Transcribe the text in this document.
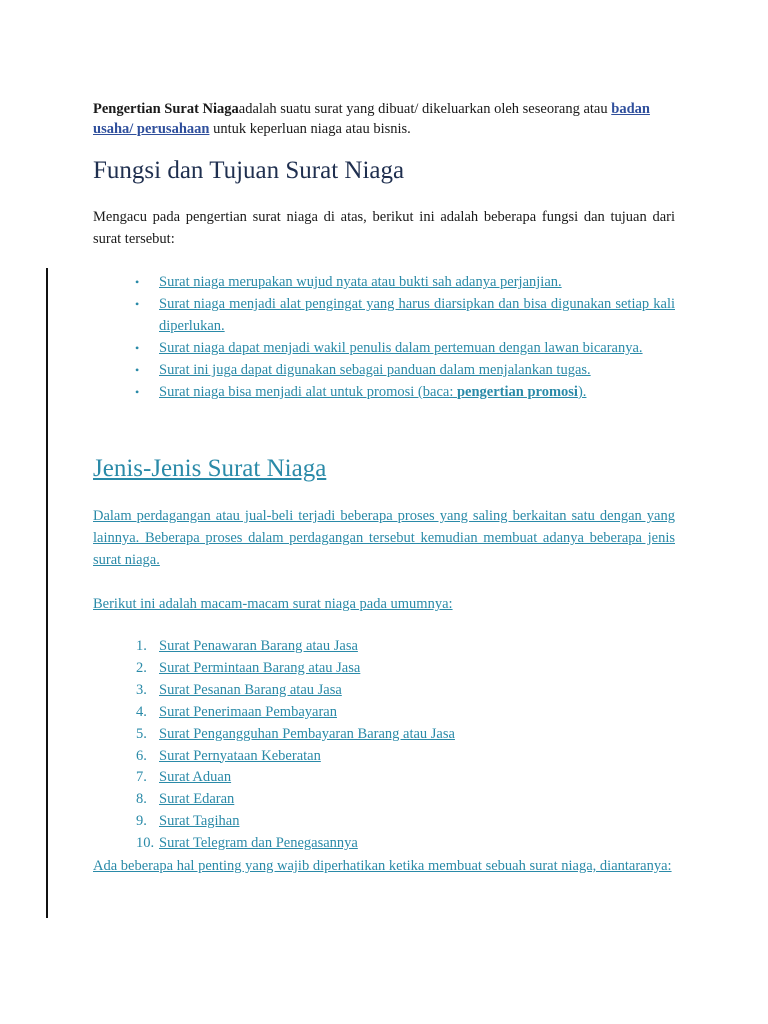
Pengertian Surat Niagaadalah suatu surat yang dibuat/ dikeluarkan oleh seseorang atau badan usaha/ perusahaan untuk keperluan niaga atau bisnis.

Fungsi dan Tujuan Surat Niaga

Mengacu pada pengertian surat niaga di atas, berikut ini adalah beberapa fungsi dan tujuan dari surat tersebut:

• Surat niaga merupakan wujud nyata atau bukti sah adanya perjanjian.
• Surat niaga menjadi alat pengingat yang harus diarsipkan dan bisa digunakan setiap kali diperlukan.
• Surat niaga dapat menjadi wakil penulis dalam pertemuan dengan lawan bicaranya.
• Surat ini juga dapat digunakan sebagai panduan dalam menjalankan tugas.
• Surat niaga bisa menjadi alat untuk promosi (baca: pengertian promosi).
Jenis-Jenis Surat Niaga

Dalam perdagangan atau jual-beli terjadi beberapa proses yang saling berkaitan satu dengan yang lainnya. Beberapa proses dalam perdagangan tersebut kemudian membuat adanya beberapa jenis surat niaga.

Berikut ini adalah macam-macam surat niaga pada umumnya:

1. Surat Penawaran Barang atau Jasa
2. Surat Permintaan Barang atau Jasa
3. Surat Pesanan Barang atau Jasa
4. Surat Penerimaan Pembayaran
5. Surat Pengangguhan Pembayaran Barang atau Jasa
6. Surat Pernyataan Keberatan
7. Surat Aduan
8. Surat Edaran
9. Surat Tagihan
10. Surat Telegram dan Penegasannya

Ada beberapa hal penting yang wajib diperhatikan ketika membuat sebuah surat niaga, diantaranya:
